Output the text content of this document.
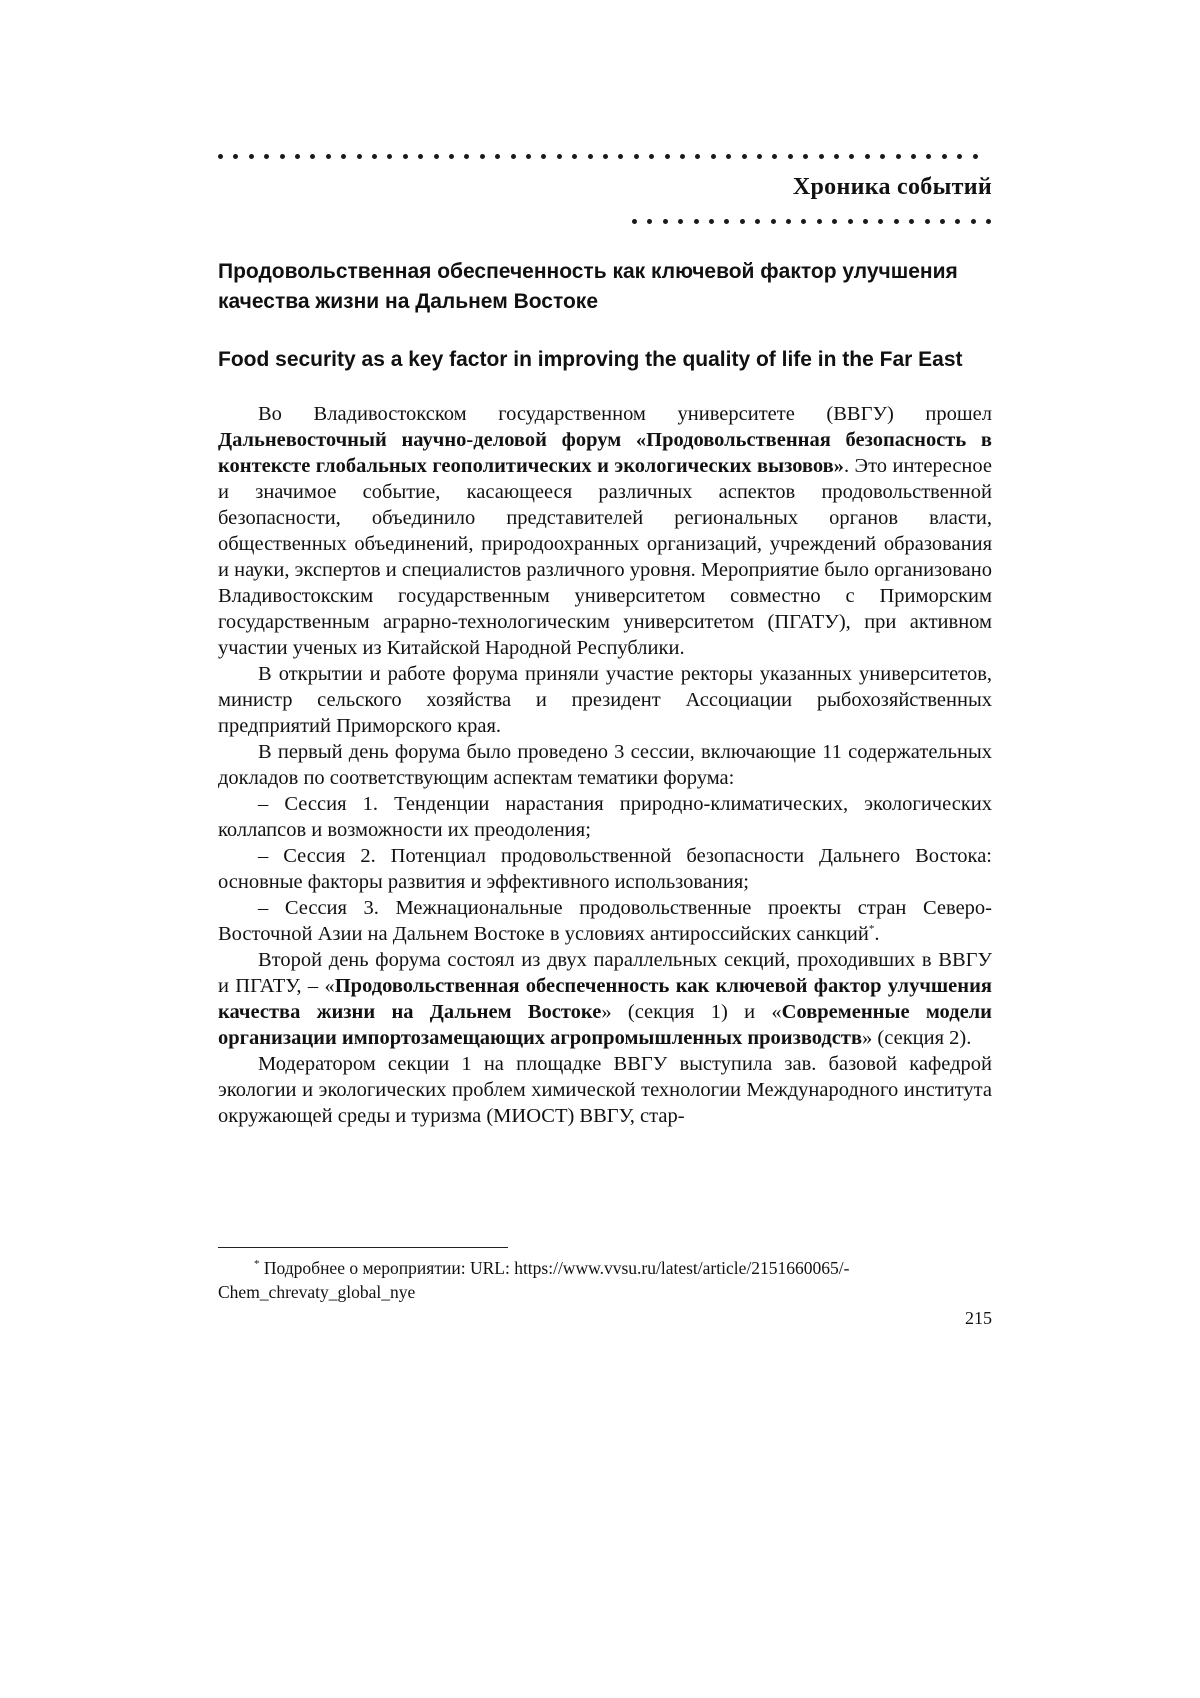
Хроника событий
Продовольственная обеспеченность как ключевой фактор улучшения качества жизни на Дальнем Востоке
Food security as a key factor in improving the quality of life in the Far East

Во Владивостокском государственном университете (ВВГУ) прошел Дальневосточный научно-деловой форум «Продовольственная безопасность в контексте глобальных геополитических и экологических вызовов». Это интересное и значимое событие, касающееся различных аспектов продовольственной безопасности, объединило представителей региональных органов власти, общественных объединений, природоохранных организаций, учреждений образования и науки, экспертов и специалистов различного уровня. Мероприятие было организовано Владивостокским государственным университетом совместно с Приморским государственным аграрно-технологическим университетом (ПГАТУ), при активном участии ученых из Китайской Народной Республики.

В открытии и работе форума приняли участие ректоры указанных университетов, министр сельского хозяйства и президент Ассоциации рыбохозяйственных предприятий Приморского края.

В первый день форума было проведено 3 сессии, включающие 11 содержательных докладов по соответствующим аспектам тематики форума:

– Сессия 1. Тенденции нарастания природно-климатических, экологических коллапсов и возможности их преодоления;

– Сессия 2. Потенциал продовольственной безопасности Дальнего Востока: основные факторы развития и эффективного использования;

– Сессия 3. Межнациональные продовольственные проекты стран Северо-Восточной Азии на Дальнем Востоке в условиях антироссийских санкций*.

Второй день форума состоял из двух параллельных секций, проходивших в ВВГУ и ПГАТУ, – «Продовольственная обеспеченность как ключевой фактор улучшения качества жизни на Дальнем Востоке» (секция 1) и «Современные модели организации импортозамещающих агропромышленных производств» (секция 2).

Модератором секции 1 на площадке ВВГУ выступила зав. базовой кафедрой экологии и экологических проблем химической технологии Международного института окружающей среды и туризма (МИОСТ) ВВГУ, стар-

* Подробнее о мероприятии: URL: https://www.vvsu.ru/latest/article/2151660065/-
Chem_chrevaty_global_nye
215
